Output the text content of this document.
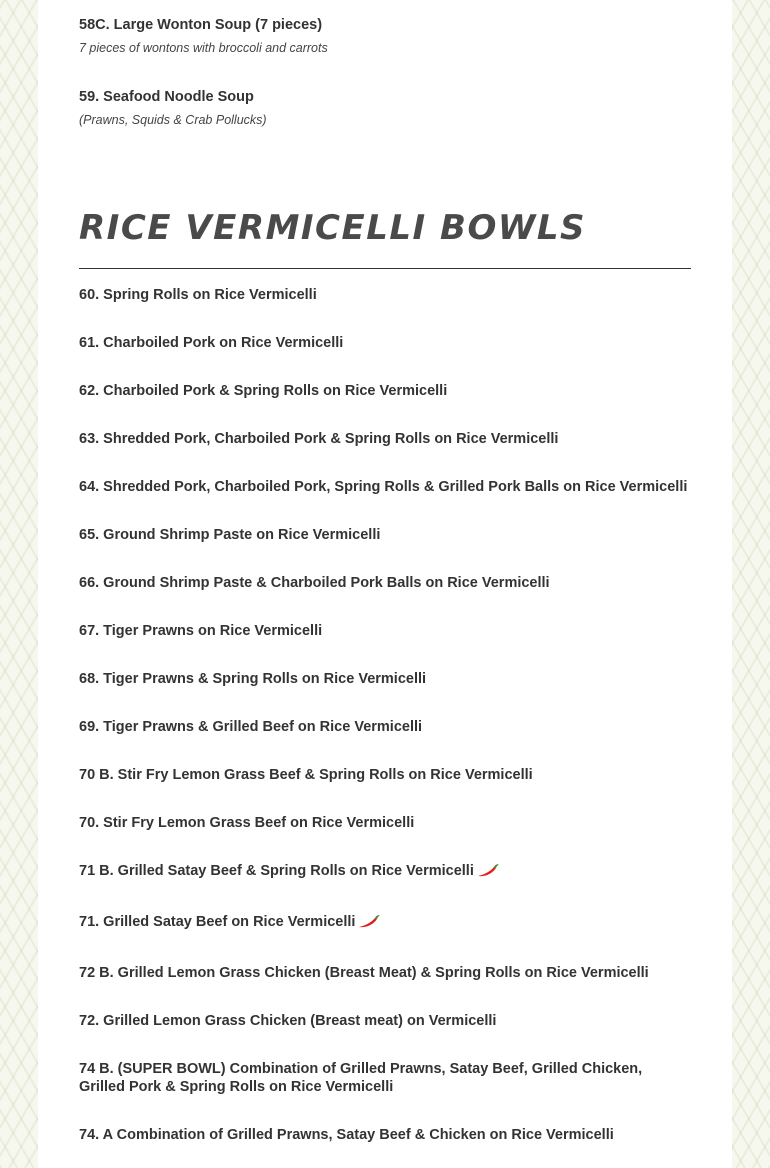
58C. Large Wonton Soup (7 pieces)

7 pieces of wontons with broccoli and carrots

59. Seafood Noodle Soup

(Prawns, Squids & Crab Pollucks)
RICE VERMICELLI BOWLS
60. Spring Rolls on Rice Vermicelli
61. Charboiled Pork on Rice Vermicelli
62. Charboiled Pork & Spring Rolls on Rice Vermicelli
63. Shredded Pork, Charboiled Pork & Spring Rolls on Rice Vermicelli
64. Shredded Pork, Charboiled Pork, Spring Rolls & Grilled Pork Balls on Rice Vermicelli
65. Ground Shrimp Paste on Rice Vermicelli
66. Ground Shrimp Paste & Charboiled Pork Balls on Rice Vermicelli
67. Tiger Prawns on Rice Vermicelli
68. Tiger Prawns & Spring Rolls on Rice Vermicelli
69. Tiger Prawns & Grilled Beef on Rice Vermicelli
70 B. Stir Fry Lemon Grass Beef & Spring Rolls on Rice Vermicelli
70. Stir Fry Lemon Grass Beef on Rice Vermicelli
71 B. Grilled Satay Beef & Spring Rolls on Rice Vermicelli
71. Grilled Satay Beef on Rice Vermicelli
72 B. Grilled Lemon Grass Chicken (Breast Meat) & Spring Rolls on Rice Vermicelli
72. Grilled Lemon Grass Chicken (Breast meat) on Vermicelli
74 B. (SUPER BOWL) Combination of Grilled Prawns, Satay Beef, Grilled Chicken, Grilled Pork & Spring Rolls on Rice Vermicelli
74. A Combination of Grilled Prawns, Satay Beef & Chicken on Rice Vermicelli
